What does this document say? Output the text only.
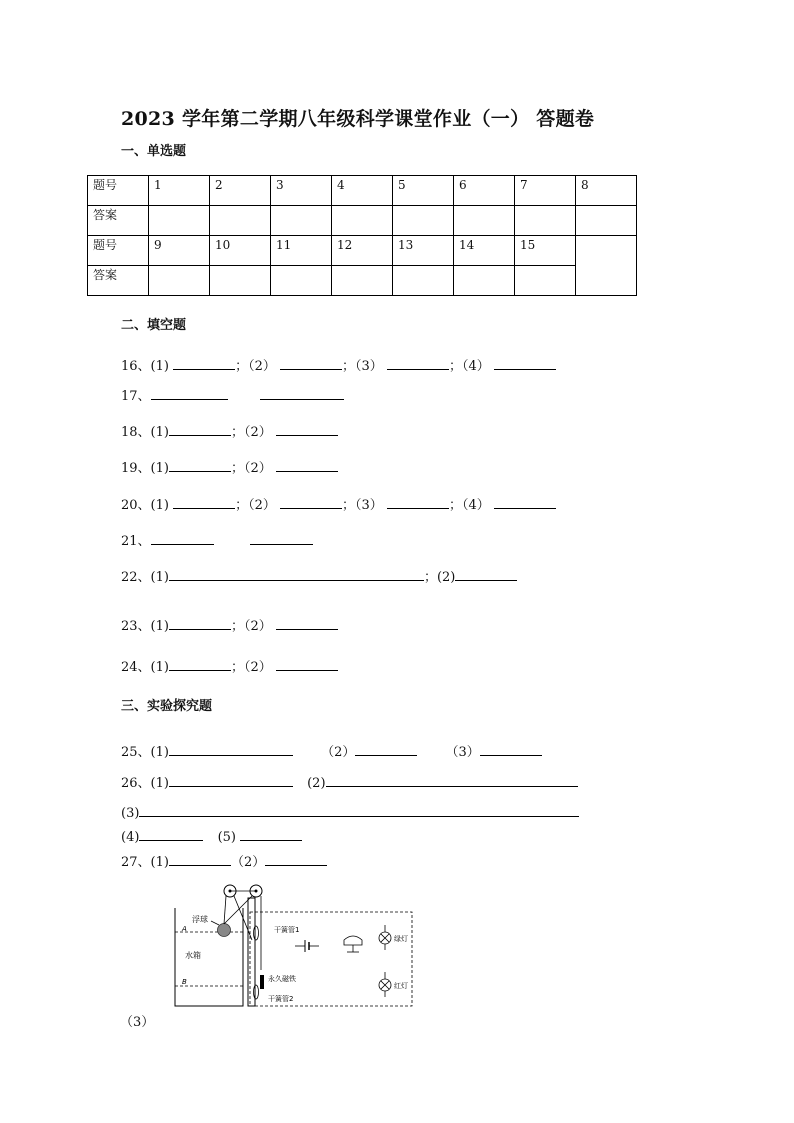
2023 学年第二学期八年级科学课堂作业（一） 答题卷
一、单选题
题号	1	2	3	4	5	6	7	8
答案								
题号	9	10	11	12	13	14	15	
答案								
二、填空题
16、(1)	；（2）	；（3）	；（4）
17、
18、(1)	；（2）
19、(1)	；（2）
20、(1)	；（2）	；（3）	；（4）
21、
22、(1)	；(2)
23、(1)	；（2）
24、(1)	；（2）
三、实验探究题
25、(1)	（2）	（3）
26、(1)	(2)
(3)
(4)	(5)
27、(1)	（2）
（3）
A
B
水箱
浮球
干簧管1
干簧管2
永久磁铁
绿灯
红灯
